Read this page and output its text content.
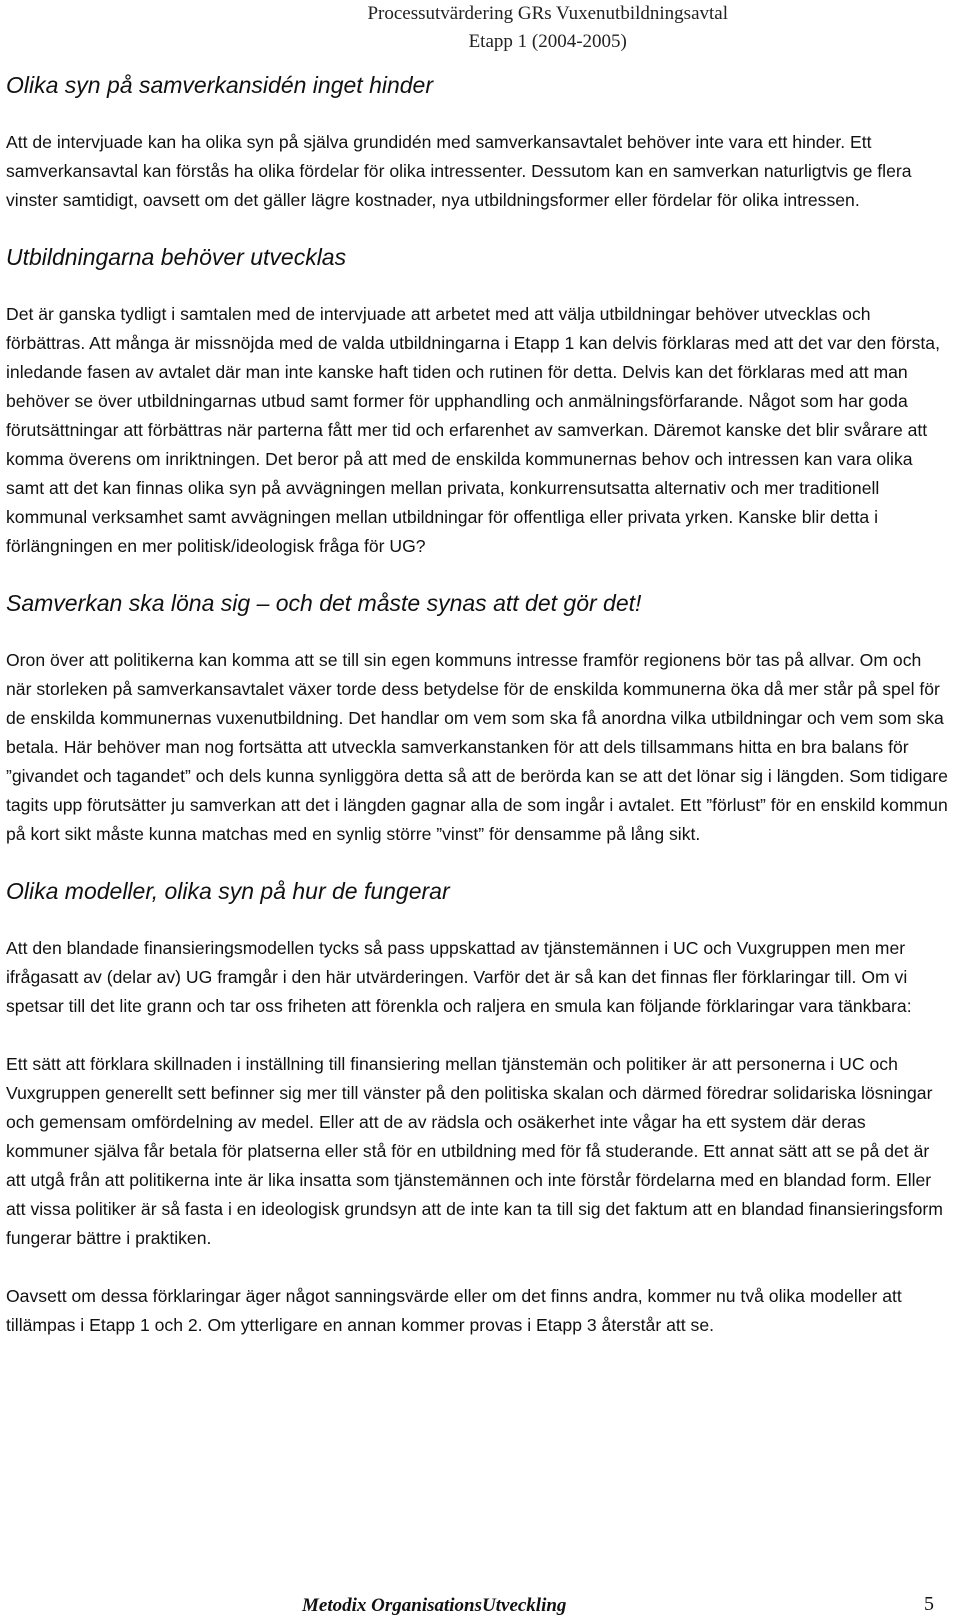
Processutvärdering GRs Vuxenutbildningsavtal
Etapp 1 (2004-2005)
Olika syn på samverkansidén inget hinder

Att de intervjuade kan ha olika syn på själva grundidén med samverkansavtalet behöver inte vara ett hinder. Ett samverkansavtal kan förstås ha olika fördelar för olika intressenter. Dessutom kan en samverkan naturligtvis ge flera vinster samtidigt, oavsett om det gäller lägre kostnader, nya utbildningsformer eller fördelar för olika intressen.

Utbildningarna behöver utvecklas

Det är ganska tydligt i samtalen med de intervjuade att arbetet med att välja utbildningar behöver utvecklas och förbättras. Att många är missnöjda med de valda utbildningarna i Etapp 1 kan delvis förklaras med att det var den första, inledande fasen av avtalet där man inte kanske haft tiden och rutinen för detta. Delvis kan det förklaras med att man behöver se över utbildningarnas utbud samt former för upphandling och anmälningsförfarande. Något som har goda förutsättningar att förbättras när parterna fått mer tid och erfarenhet av samverkan. Däremot kanske det blir svårare att komma överens om inriktningen. Det beror på att med de enskilda kommunernas behov och intressen kan vara olika samt att det kan finnas olika syn på avvägningen mellan privata, konkurrensutsatta alternativ och mer traditionell kommunal verksamhet samt avvägningen mellan utbildningar för offentliga eller privata yrken. Kanske blir detta i förlängningen en mer politisk/ideologisk fråga för UG?

Samverkan ska löna sig – och det måste synas att det gör det!

Oron över att politikerna kan komma att se till sin egen kommuns intresse framför regionens bör tas på allvar. Om och när storleken på samverkansavtalet växer torde dess betydelse för de enskilda kommunerna öka då mer står på spel för de enskilda kommunernas vuxenutbildning. Det handlar om vem som ska få anordna vilka utbildningar och vem som ska betala. Här behöver man nog fortsätta att utveckla samverkanstanken för att dels tillsammans hitta en bra balans för ”givandet och tagandet” och dels kunna synliggöra detta så att de berörda kan se att det lönar sig i längden. Som tidigare tagits upp förutsätter ju samverkan att det i längden gagnar alla de som ingår i avtalet. Ett ”förlust” för en enskild kommun på kort sikt måste kunna matchas med en synlig större ”vinst” för densamme på lång sikt.

Olika modeller, olika syn på hur de fungerar

Att den blandade finansieringsmodellen tycks så pass uppskattad av tjänstemännen i UC och Vuxgruppen men mer ifrågasatt av (delar av) UG framgår i den här utvärderingen. Varför det är så kan det finnas fler förklaringar till. Om vi spetsar till det lite grann och tar oss friheten att förenkla och raljera en smula kan följande förklaringar vara tänkbara:

Ett sätt att förklara skillnaden i inställning till finansiering mellan tjänstemän och politiker är att personerna i UC och Vuxgruppen generellt sett befinner sig mer till vänster på den politiska skalan och därmed föredrar solidariska lösningar och gemensam omfördelning av medel. Eller att de av rädsla och osäkerhet inte vågar ha ett system där deras kommuner själva får betala för platserna eller stå för en utbildning med för få studerande. Ett annat sätt att se på det är att utgå från att politikerna inte är lika insatta som tjänstemännen och inte förstår fördelarna med en blandad form. Eller att vissa politiker är så fasta i en ideologisk grundsyn att de inte kan ta till sig det faktum att en blandad finansieringsform fungerar bättre i praktiken.

Oavsett om dessa förklaringar äger något sanningsvärde eller om det finns andra, kommer nu två olika modeller att tillämpas i Etapp 1 och 2. Om ytterligare en annan kommer provas i Etapp 3 återstår att se.

Metodix OrganisationsUtveckling	5
